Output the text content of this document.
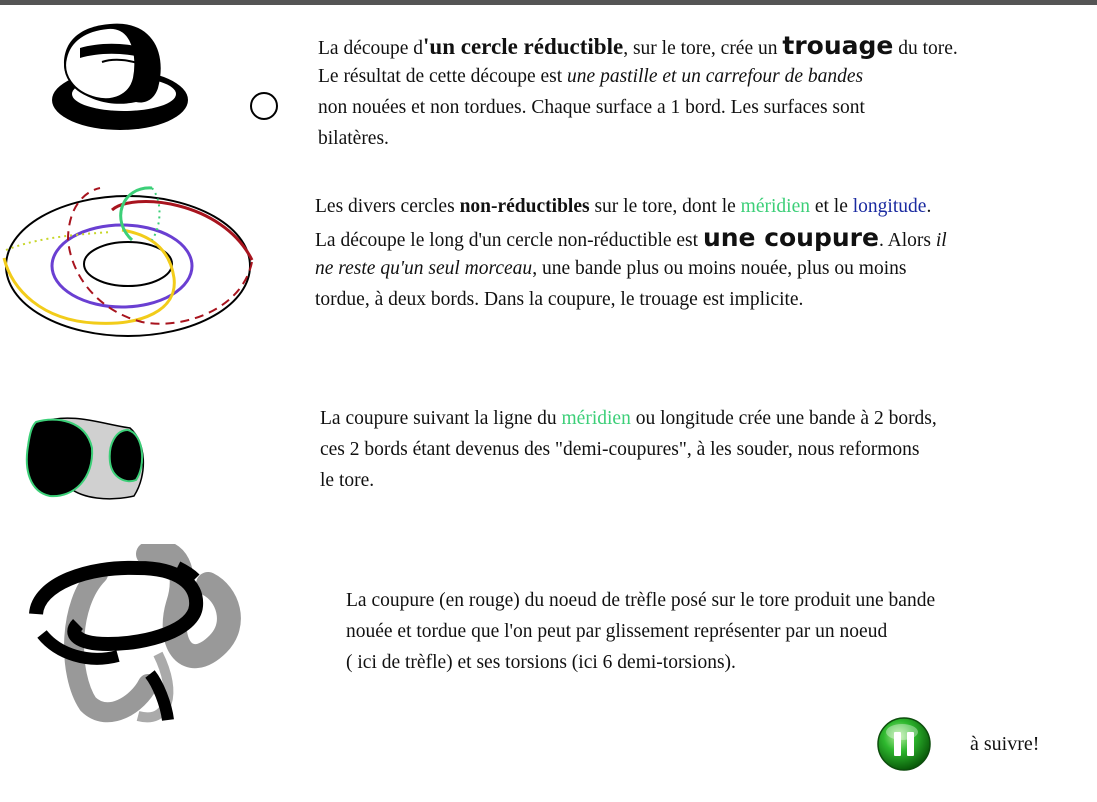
La découpe d'un cercle réductible, sur le tore, crée un trouage du tore.
Le résultat de cette découpe est une pastille et un carrefour de bandes
non nouées et non tordues. Chaque surface a 1 bord. Les surfaces sont
bilatères.
Les divers cercles non-réductibles sur le tore, dont le méridien et le longitude.
La découpe le long d'un cercle non-réductible est une coupure. Alors il
ne reste qu'un seul morceau, une bande plus ou moins nouée, plus ou moins
tordue, à deux bords. Dans la coupure, le trouage est implicite.
La coupure suivant la ligne du méridien ou longitude crée une bande à 2 bords,
ces 2 bords étant devenus des "demi-coupures", à les souder, nous reformons
le tore.
La coupure (en rouge) du noeud de trèfle posé sur le tore produit une bande
nouée et tordue que l'on peut par glissement représenter par un noeud
( ici de trèfle) et ses torsions (ici 6 demi-torsions).
à suivre!
